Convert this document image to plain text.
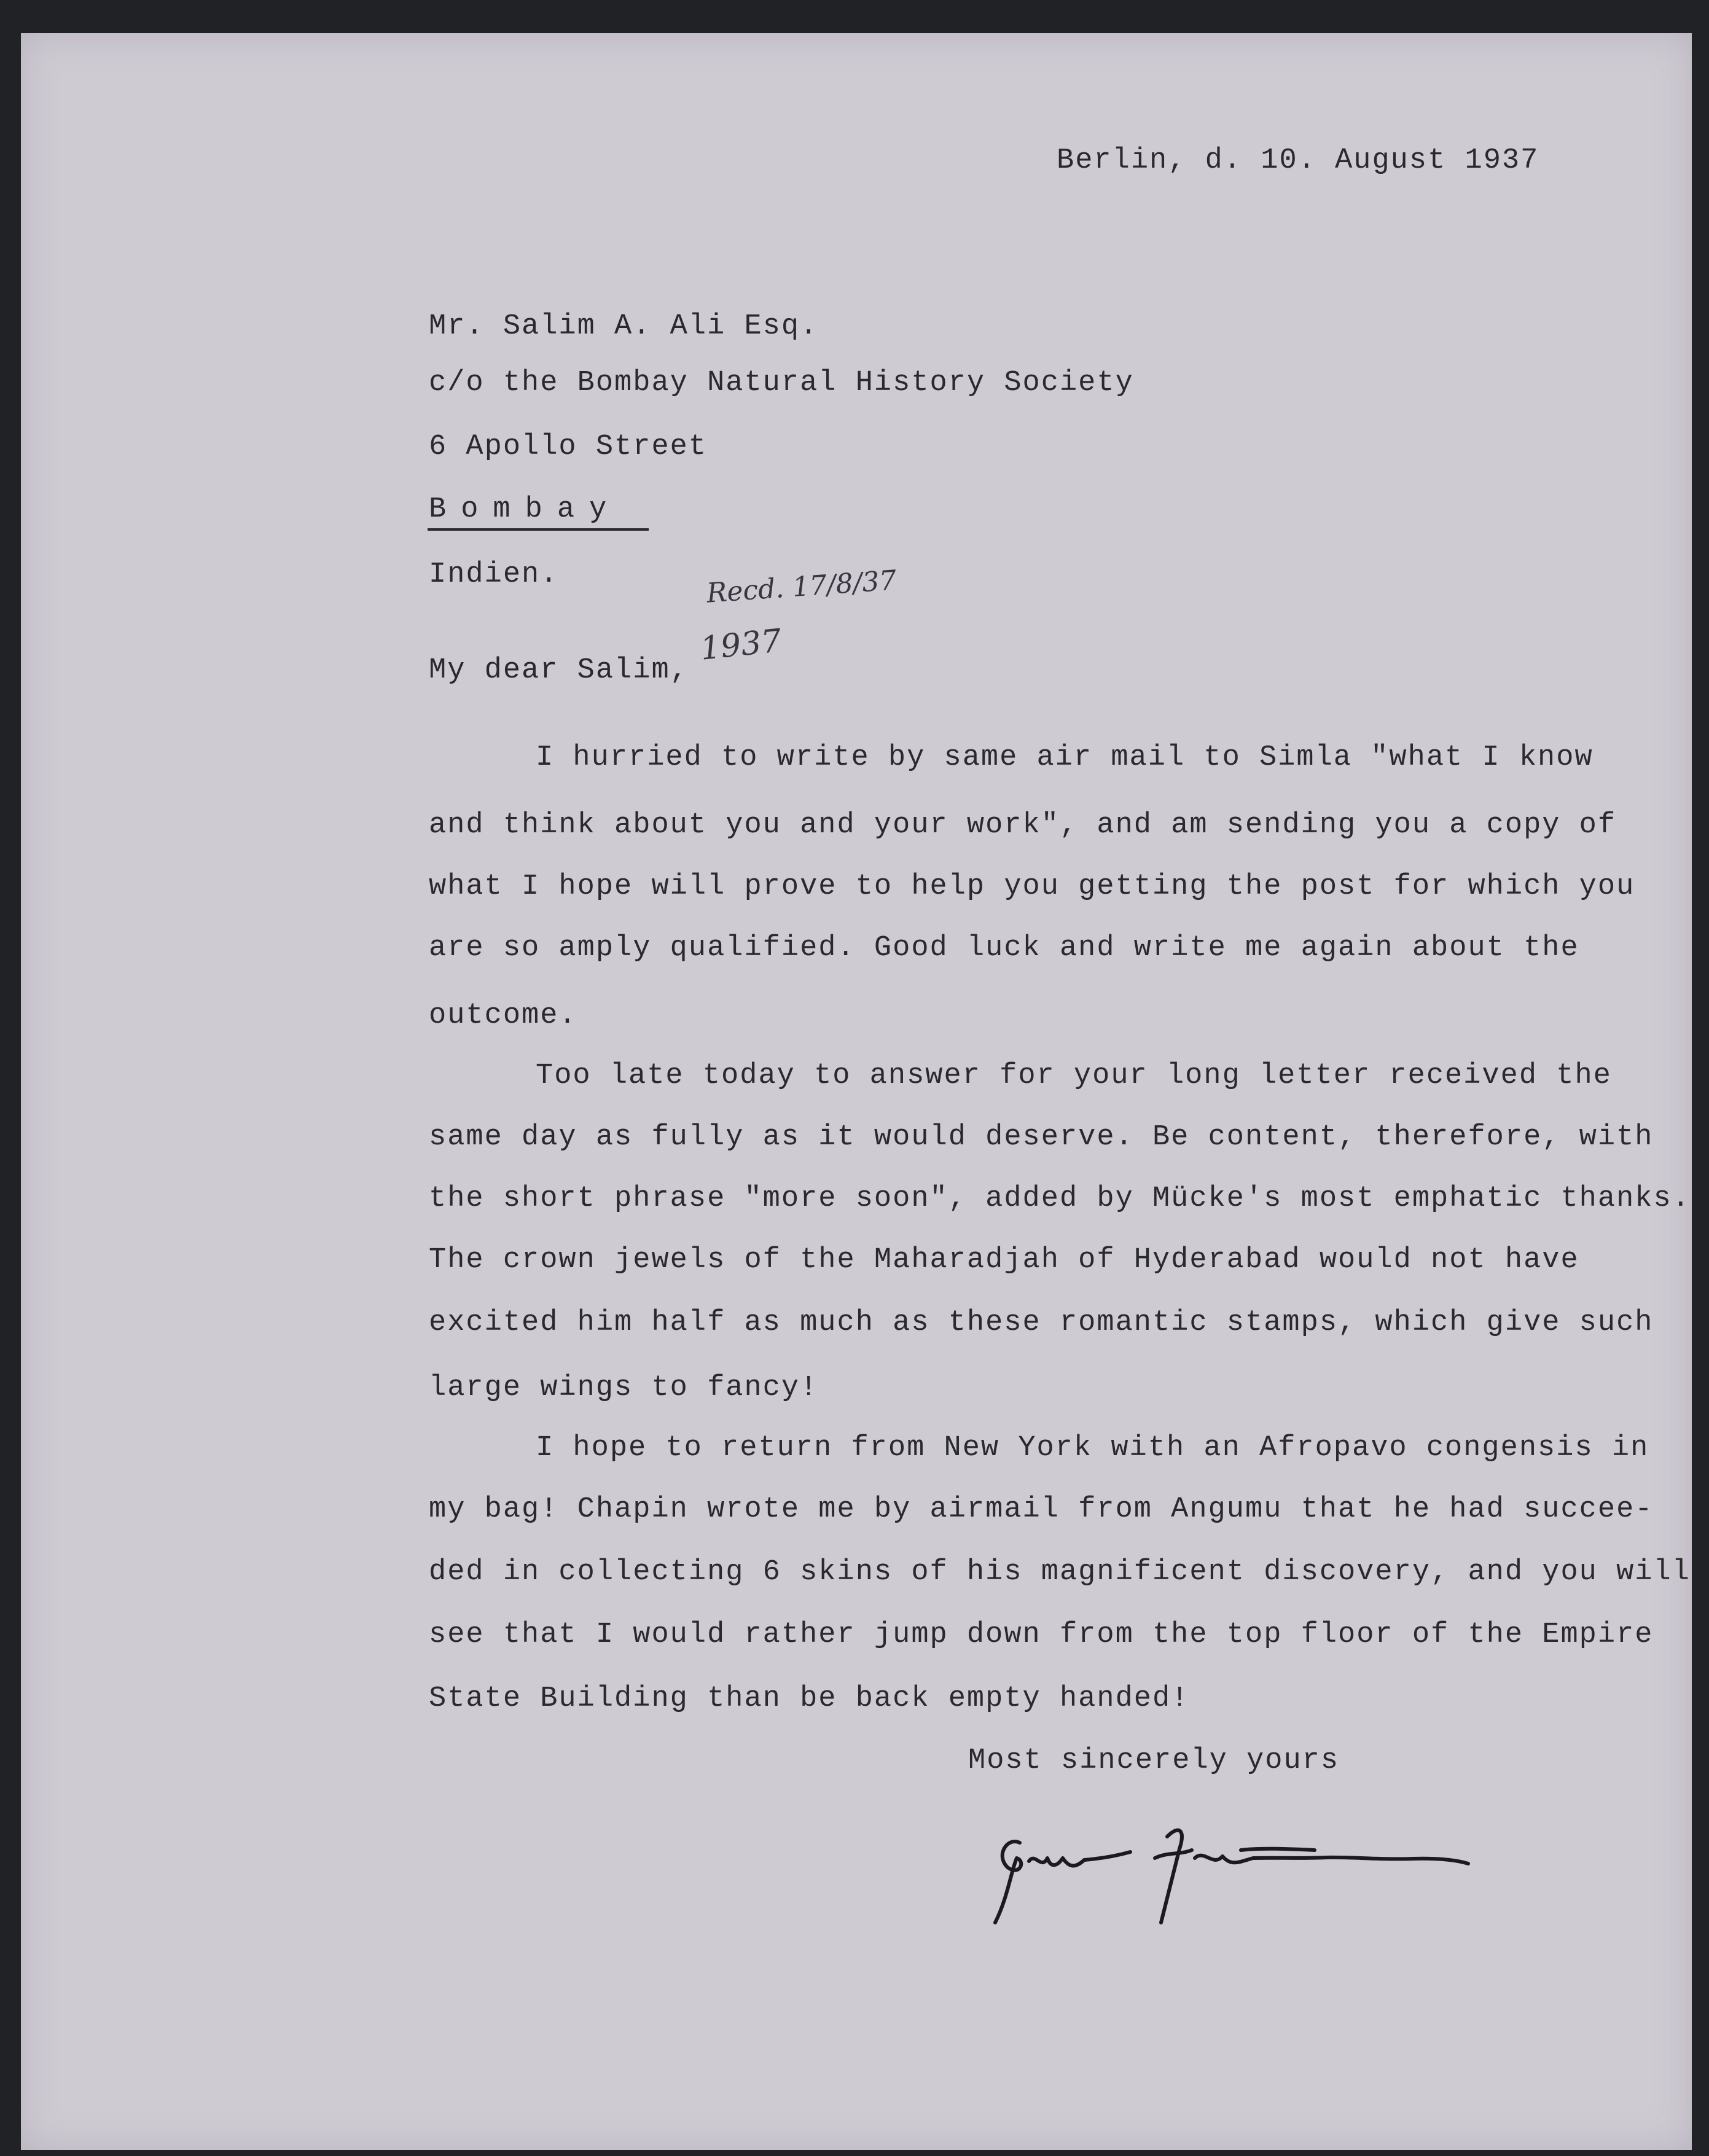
Berlin, d. 10. August 1937
Mr. Salim A. Ali Esq.
c/o the Bombay Natural History Society
6 Apollo Street
Bombay
Indien.	Recd. 17/8/37
1937
My dear Salim,
I hurried to write by same air mail to Simla "what I know
and think about you and your work", and am sending you a copy of
what I hope will prove to help you getting the post for which you
are so amply qualified. Good luck and write me again about the
outcome.
Too late today to answer for your long letter received the
same day as fully as it would deserve. Be content, therefore, with
the short phrase "more soon", added by Mücke's most emphatic thanks.
The crown jewels of the Maharadjah of Hyderabad would not have
excited him half as much as these romantic stamps, which give such
large wings to fancy!
I hope to return from New York with an Afropavo congensis in
my bag! Chapin wrote me by airmail from Angumu that he had succee-
ded in collecting 6 skins of his magnificent discovery, and you will
see that I would rather jump down from the top floor of the Empire
State Building than be back empty handed!
Most sincerely yours
